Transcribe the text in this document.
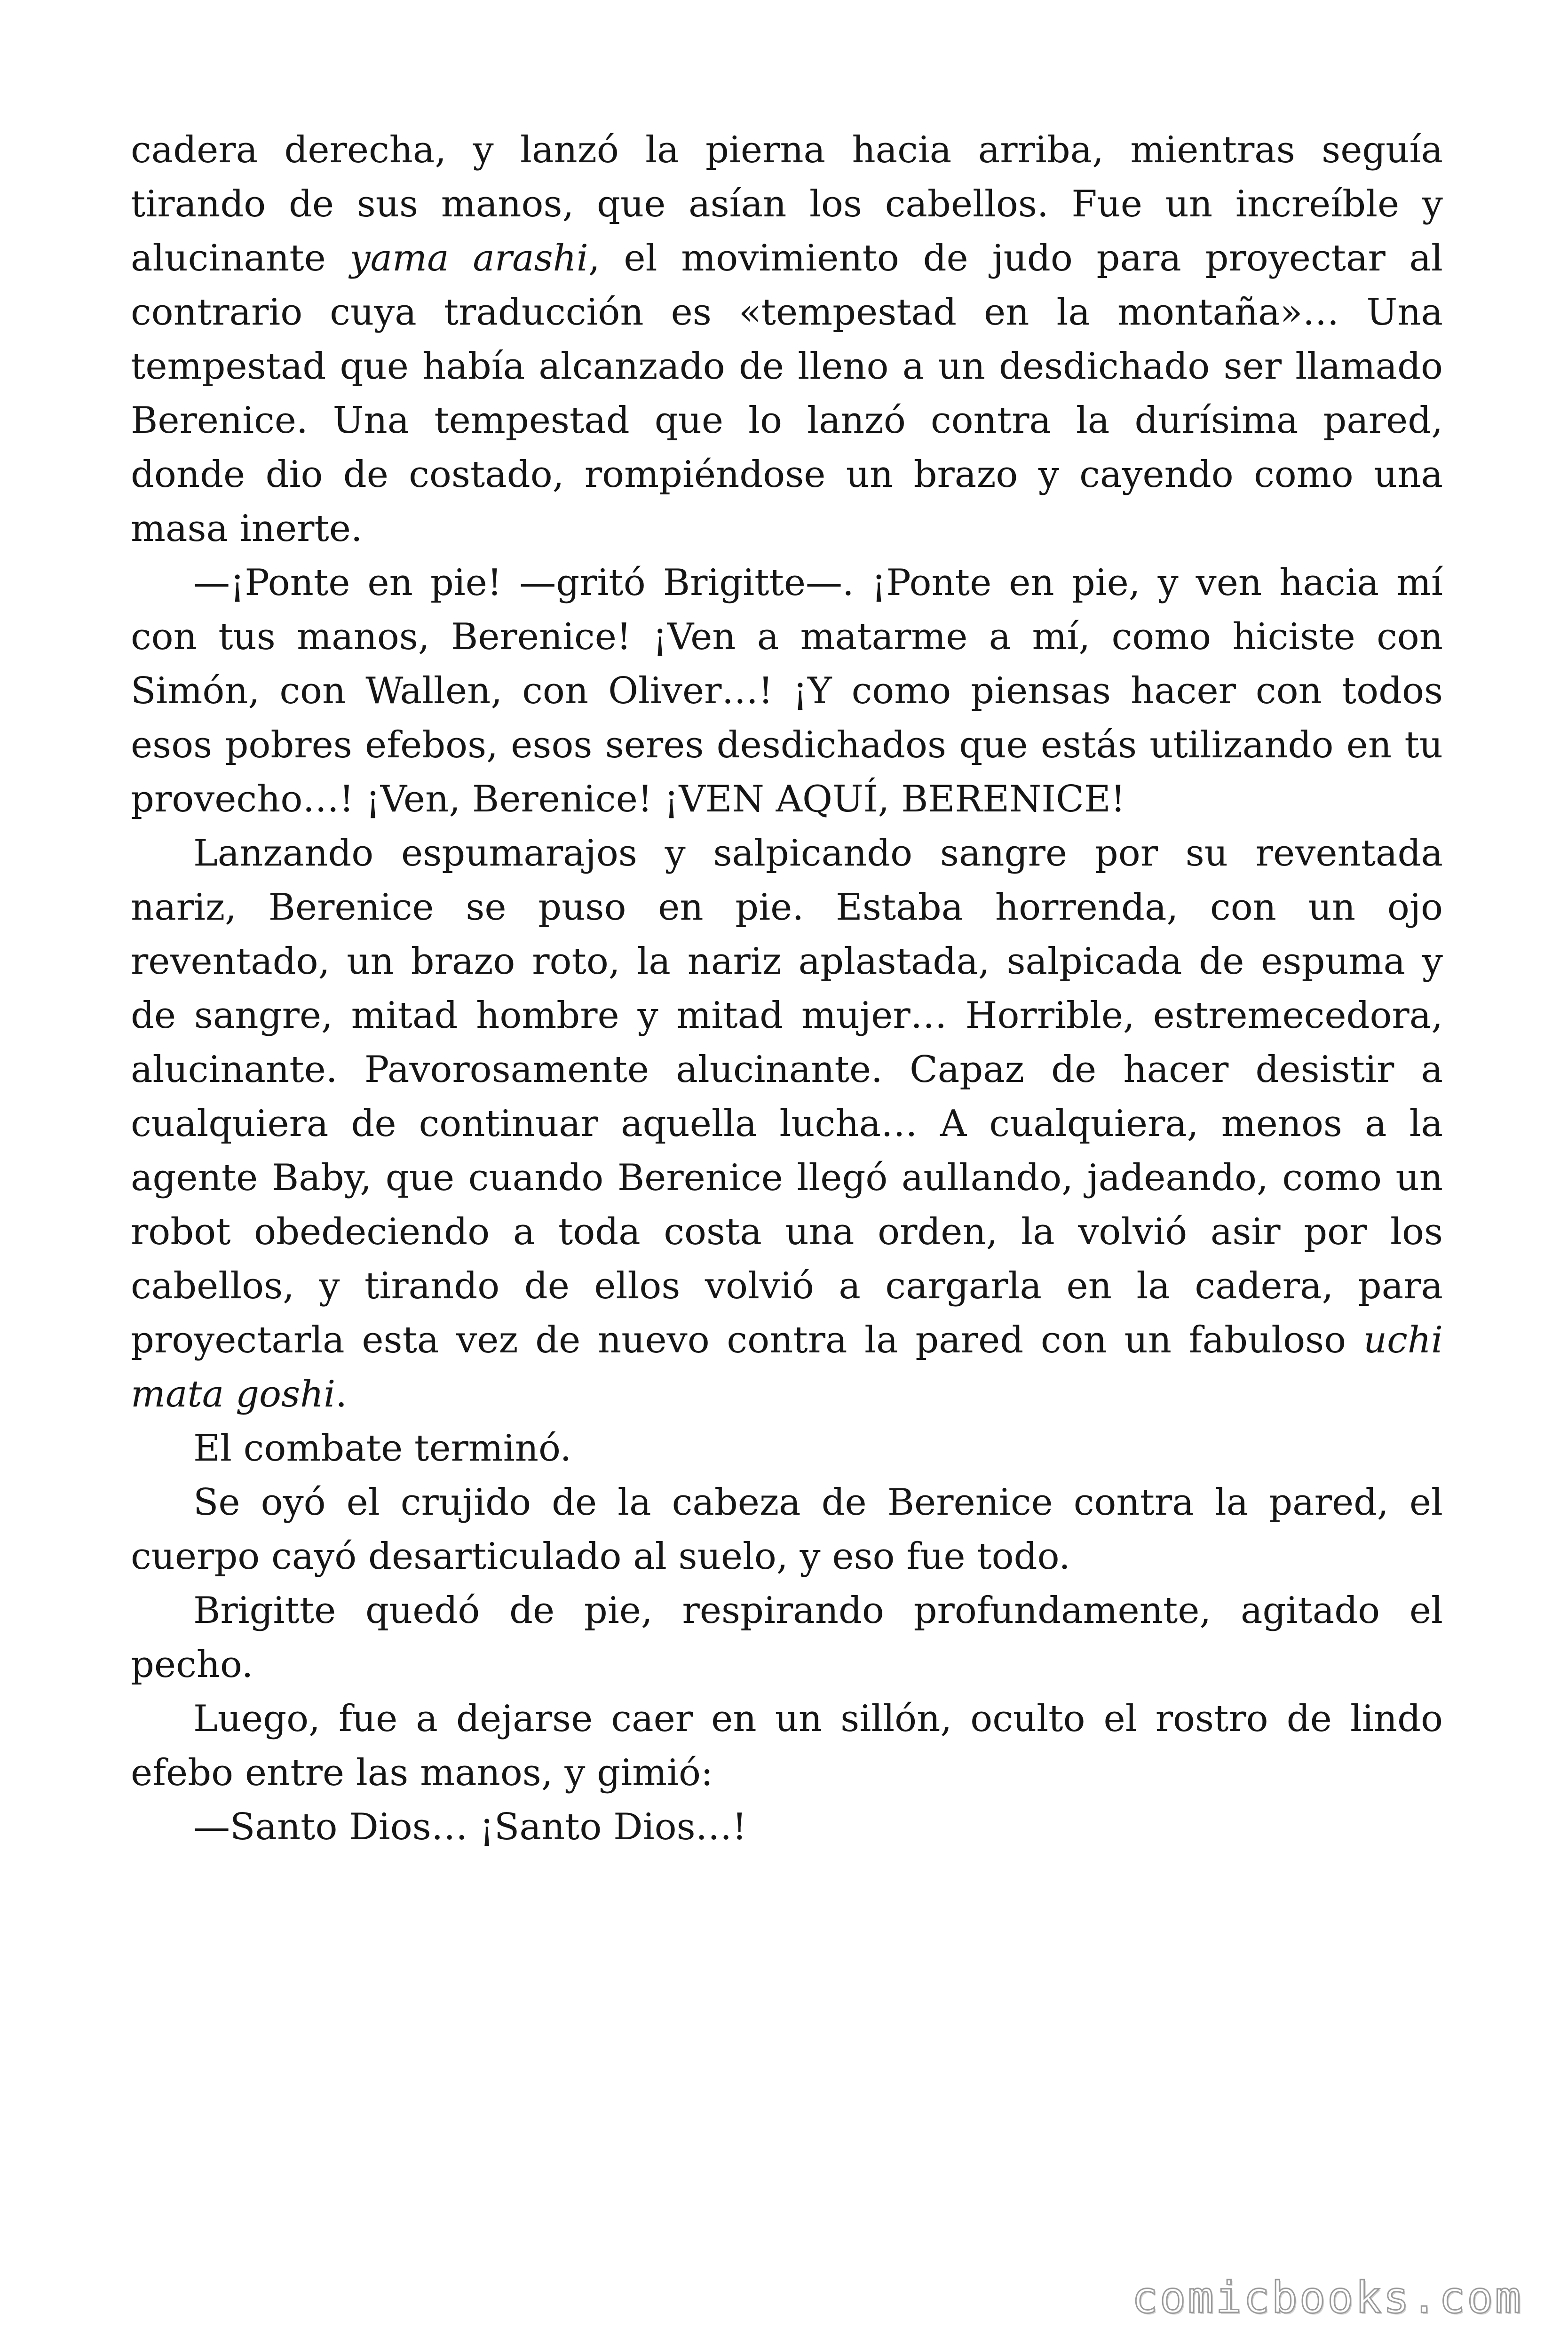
cadera derecha, y lanzó la pierna hacia arriba, mientras seguía tirando de sus manos, que asían los cabellos. Fue un increíble y alucinante yama arashi, el movimiento de judo para proyectar al contrario cuya traducción es «tempestad en la montaña»… Una tempestad que había alcanzado de lleno a un desdichado ser llamado Berenice. Una tempestad que lo lanzó contra la durísima pared, donde dio de costado, rompiéndose un brazo y cayendo como una masa inerte.

—¡Ponte en pie! —gritó Brigitte—. ¡Ponte en pie, y ven hacia mí con tus manos, Berenice! ¡Ven a matarme a mí, como hiciste con Simón, con Wallen, con Oliver…! ¡Y como piensas hacer con todos esos pobres efebos, esos seres desdichados que estás utilizando en tu provecho…! ¡Ven, Berenice! ¡VEN AQUÍ, BERENICE!

Lanzando espumarajos y salpicando sangre por su reventada nariz, Berenice se puso en pie. Estaba horrenda, con un ojo reventado, un brazo roto, la nariz aplastada, salpicada de espuma y de sangre, mitad hombre y mitad mujer… Horrible, estremecedora, alucinante. Pavorosamente alucinante. Capaz de hacer desistir a cualquiera de continuar aquella lucha… A cualquiera, menos a la agente Baby, que cuando Berenice llegó aullando, jadeando, como un robot obedeciendo a toda costa una orden, la volvió asir por los cabellos, y tirando de ellos volvió a cargarla en la cadera, para proyectarla esta vez de nuevo contra la pared con un fabuloso uchi mata goshi.

El combate terminó.

Se oyó el crujido de la cabeza de Berenice contra la pared, el cuerpo cayó desarticulado al suelo, y eso fue todo.

Brigitte quedó de pie, respirando profundamente, agitado el pecho.

Luego, fue a dejarse caer en un sillón, oculto el rostro de lindo efebo entre las manos, y gimió:

—Santo Dios… ¡Santo Dios…!

comicbooks.com
